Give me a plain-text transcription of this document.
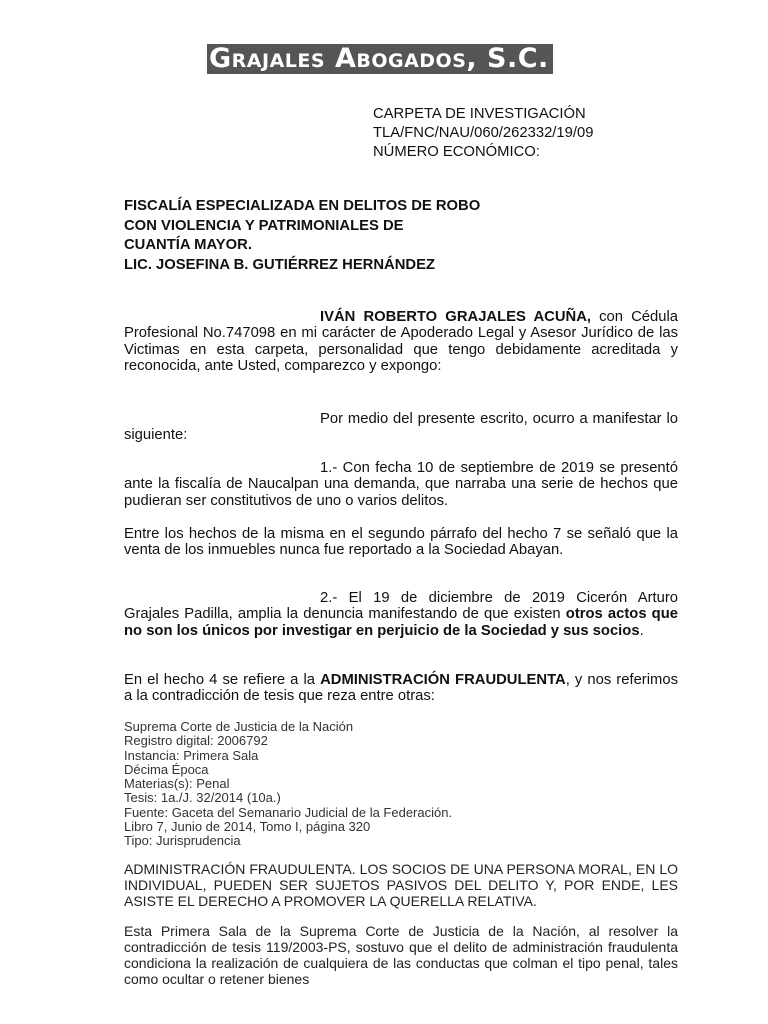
Grajales Abogados, S.C.
CARPETA DE INVESTIGACIÓN
TLA/FNC/NAU/060/262332/19/09
NÚMERO ECONÓMICO:
FISCALÍA ESPECIALIZADA EN DELITOS DE ROBO
CON VIOLENCIA Y PATRIMONIALES DE
CUANTÍA MAYOR.
LIC. JOSEFINA B. GUTIÉRREZ HERNÁNDEZ

IVÁN ROBERTO GRAJALES ACUÑA, con Cédula Profesional No.747098 en mi carácter de Apoderado Legal y Asesor Jurídico de las Victimas en esta carpeta, personalidad que tengo debidamente acreditada y reconocida, ante Usted, comparezco y expongo:

Por medio del presente escrito, ocurro a manifestar lo siguiente:

1.- Con fecha 10 de septiembre de 2019 se presentó ante la fiscalía de Naucalpan una demanda, que narraba una serie de hechos que pudieran ser constitutivos de uno o varios delitos.

Entre los hechos de la misma en el segundo párrafo del hecho 7 se señaló que la venta de los inmuebles nunca fue reportado a la Sociedad Abayan.

2.- El 19 de diciembre de 2019 Cicerón Arturo Grajales Padilla, amplia la denuncia manifestando de que existen otros actos que no son los únicos por investigar en perjuicio de la Sociedad y sus socios.

En el hecho 4 se refiere a la ADMINISTRACIÓN FRAUDULENTA, y nos referimos a la contradicción de tesis que reza entre otras:

Suprema Corte de Justicia de la Nación
Registro digital: 2006792
Instancia: Primera Sala
Décima Época
Materias(s): Penal
Tesis: 1a./J. 32/2014 (10a.)
Fuente: Gaceta del Semanario Judicial de la Federación.
Libro 7, Junio de 2014, Tomo I, página 320
Tipo: Jurisprudencia

ADMINISTRACIÓN FRAUDULENTA. LOS SOCIOS DE UNA PERSONA MORAL, EN LO INDIVIDUAL, PUEDEN SER SUJETOS PASIVOS DEL DELITO Y, POR ENDE, LES ASISTE EL DERECHO A PROMOVER LA QUERELLA RELATIVA.

Esta Primera Sala de la Suprema Corte de Justicia de la Nación, al resolver la contradicción de tesis 119/2003-PS, sostuvo que el delito de administración fraudulenta condiciona la realización de cualquiera de las conductas que colman el tipo penal, tales como ocultar o retener bienes
